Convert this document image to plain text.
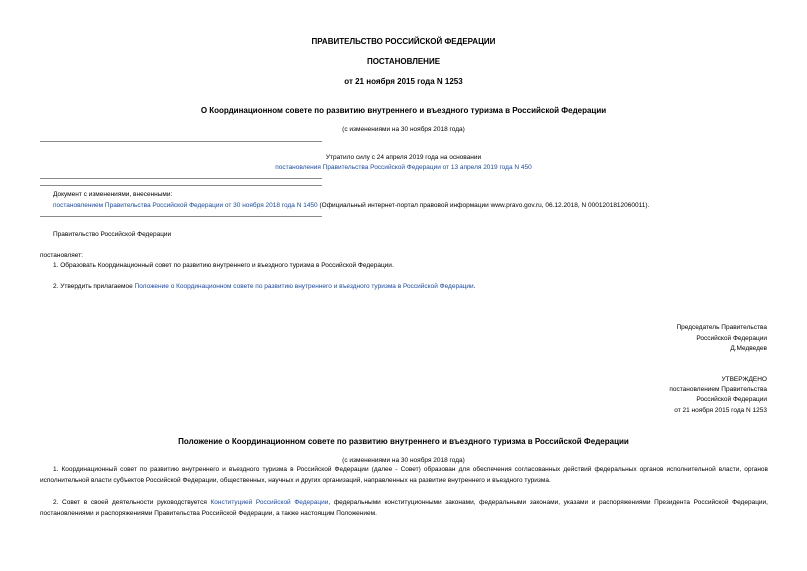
ПРАВИТЕЛЬСТВО РОССИЙСКОЙ ФЕДЕРАЦИИ
ПОСТАНОВЛЕНИЕ
от 21 ноября 2015 года N 1253
О Координационном совете по развитию внутреннего и въездного туризма в Российской Федерации
(с изменениями на 30 ноября 2018 года)
Утратило силу с 24 апреля 2019 года на основании
постановления Правительства Российской Федерации от 13 апреля 2019 года N 450
Документ с изменениями, внесенными:
постановлением Правительства Российской Федерации от 30 ноября 2018 года N 1450 (Официальный интернет-портал правовой информации www.pravo.gov.ru, 06.12.2018, N 0001201812060011).
Правительство Российской Федерации
постановляет:
1. Образовать Координационный совет по развитию внутреннего и въездного туризма в Российской Федерации.
2. Утвердить прилагаемое Положение о Координационном совете по развитию внутреннего и въездного туризма в Российской Федерации.
Председатель Правительства
Российской Федерации
Д.Медведев
УТВЕРЖДЕНО
постановлением Правительства
Российской Федерации
от 21 ноября 2015 года N 1253
Положение о Координационном совете по развитию внутреннего и въездного туризма в Российской Федерации
(с изменениями на 30 ноября 2018 года)
1. Координационный совет по развитию внутреннего и въездного туризма в Российской Федерации (далее - Совет) образован для обеспечения согласованных действий федеральных органов исполнительной власти, органов исполнительной власти субъектов Российской Федерации, общественных, научных и других организаций, направленных на развитие внутреннего и въездного туризма.
2. Совет в своей деятельности руководствуется Конституцией Российской Федерации, федеральными конституционными законами, федеральными законами, указами и распоряжениями Президента Российской Федерации, постановлениями и распоряжениями Правительства Российской Федерации, а также настоящим Положением.
